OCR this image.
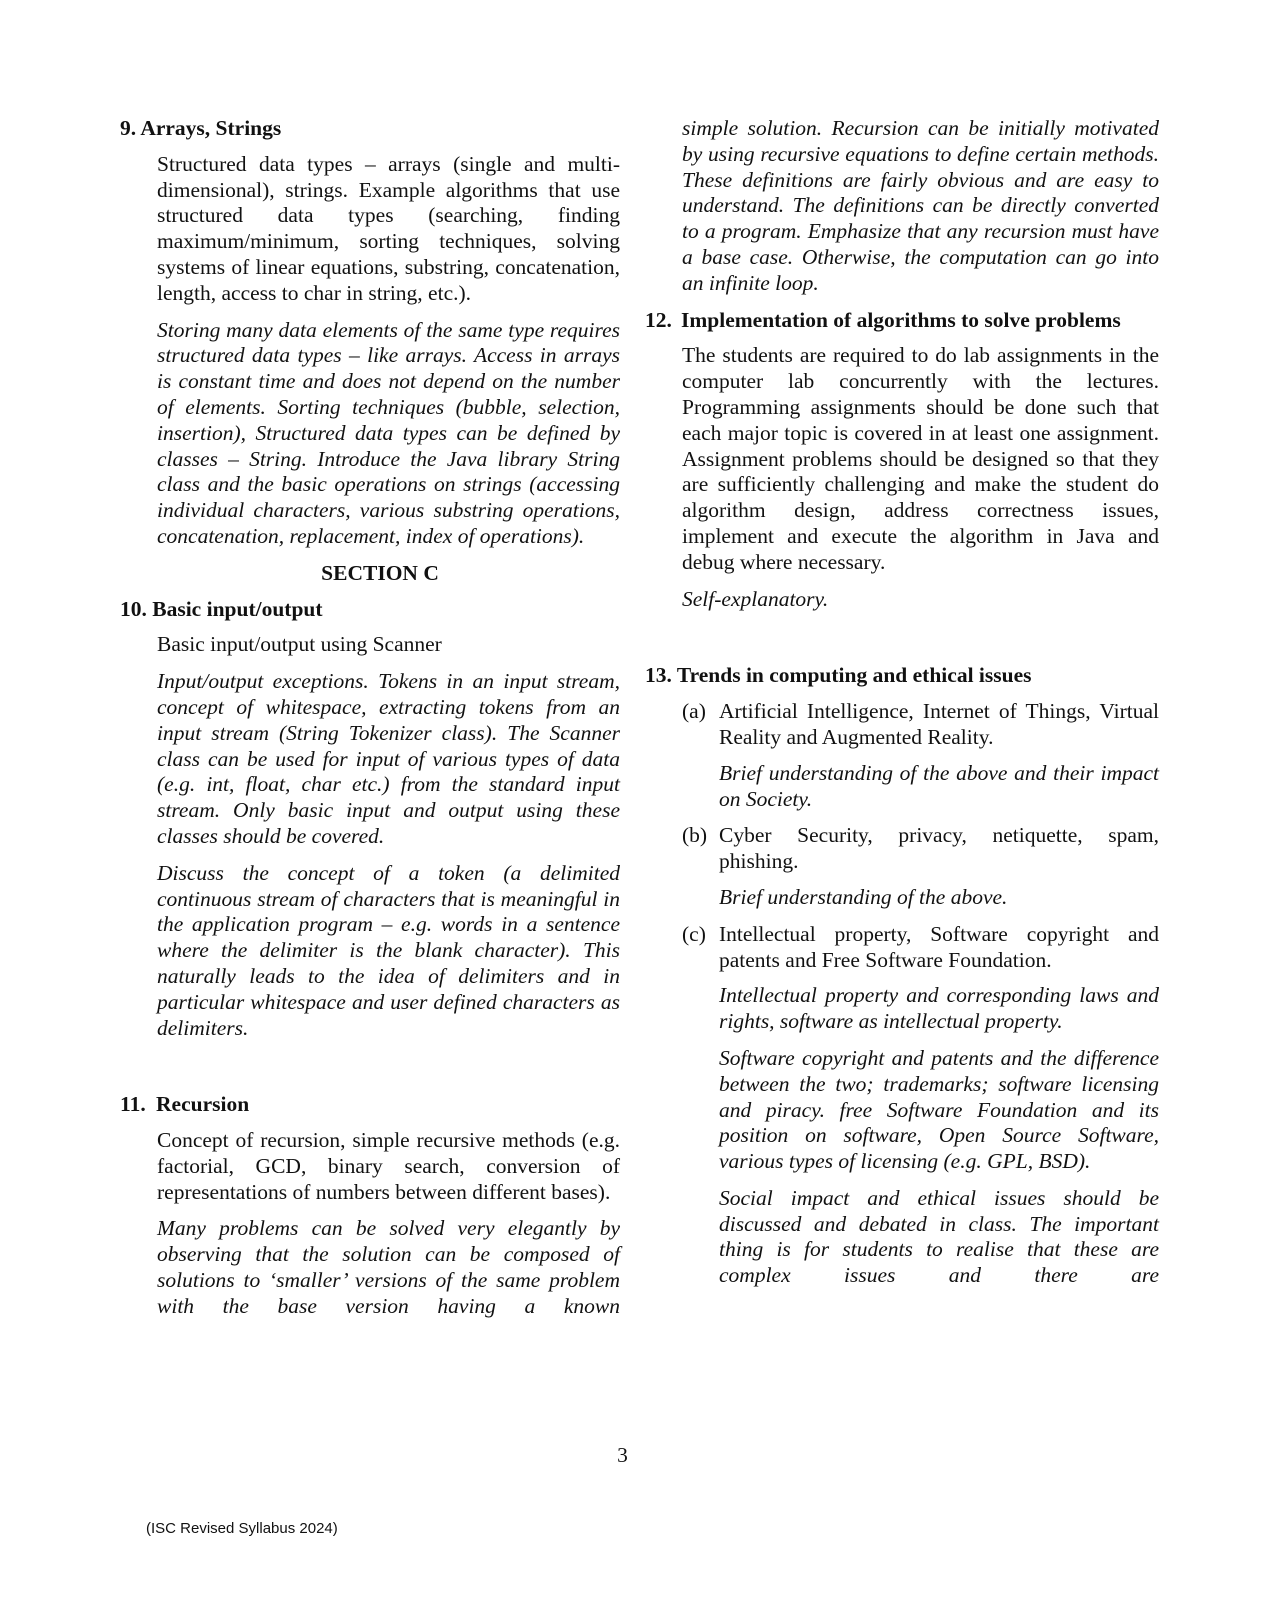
9. Arrays, Strings
Structured data types – arrays (single and multi-dimensional), strings. Example algorithms that use structured data types (searching, finding maximum/minimum, sorting techniques, solving systems of linear equations, substring, concatenation, length, access to char in string, etc.).
Storing many data elements of the same type requires structured data types – like arrays. Access in arrays is constant time and does not depend on the number of elements. Sorting techniques (bubble, selection, insertion), Structured data types can be defined by classes – String. Introduce the Java library String class and the basic operations on strings (accessing individual characters, various substring operations, concatenation, replacement, index of operations).
SECTION C
10. Basic input/output
Basic input/output using Scanner
Input/output exceptions. Tokens in an input stream, concept of whitespace, extracting tokens from an input stream (String Tokenizer class). The Scanner class can be used for input of various types of data (e.g. int, float, char etc.) from the standard input stream. Only basic input and output using these classes should be covered.
Discuss the concept of a token (a delimited continuous stream of characters that is meaningful in the application program – e.g. words in a sentence where the delimiter is the blank character). This naturally leads to the idea of delimiters and in particular whitespace and user defined characters as delimiters.
11. Recursion
Concept of recursion, simple recursive methods (e.g. factorial, GCD, binary search, conversion of representations of numbers between different bases).
Many problems can be solved very elegantly by observing that the solution can be composed of solutions to ‘smaller’ versions of the same problem with the base version having a known
simple solution. Recursion can be initially motivated by using recursive equations to define certain methods. These definitions are fairly obvious and are easy to understand. The definitions can be directly converted to a program. Emphasize that any recursion must have a base case. Otherwise, the computation can go into an infinite loop.
12. Implementation of algorithms to solve problems
The students are required to do lab assignments in the computer lab concurrently with the lectures. Programming assignments should be done such that each major topic is covered in at least one assignment. Assignment problems should be designed so that they are sufficiently challenging and make the student do algorithm design, address correctness issues, implement and execute the algorithm in Java and debug where necessary.
Self-explanatory.
13. Trends in computing and ethical issues
(a) Artificial Intelligence, Internet of Things, Virtual Reality and Augmented Reality.
Brief understanding of the above and their impact on Society.
(b) Cyber Security, privacy, netiquette, spam, phishing.
Brief understanding of the above.
(c) Intellectual property, Software copyright and patents and Free Software Foundation.
Intellectual property and corresponding laws and rights, software as intellectual property.
Software copyright and patents and the difference between the two; trademarks; software licensing and piracy. free Software Foundation and its position on software, Open Source Software, various types of licensing (e.g. GPL, BSD).
Social impact and ethical issues should be discussed and debated in class. The important thing is for students to realise that these are complex issues and there are
3
(ISC Revised Syllabus 2024)
